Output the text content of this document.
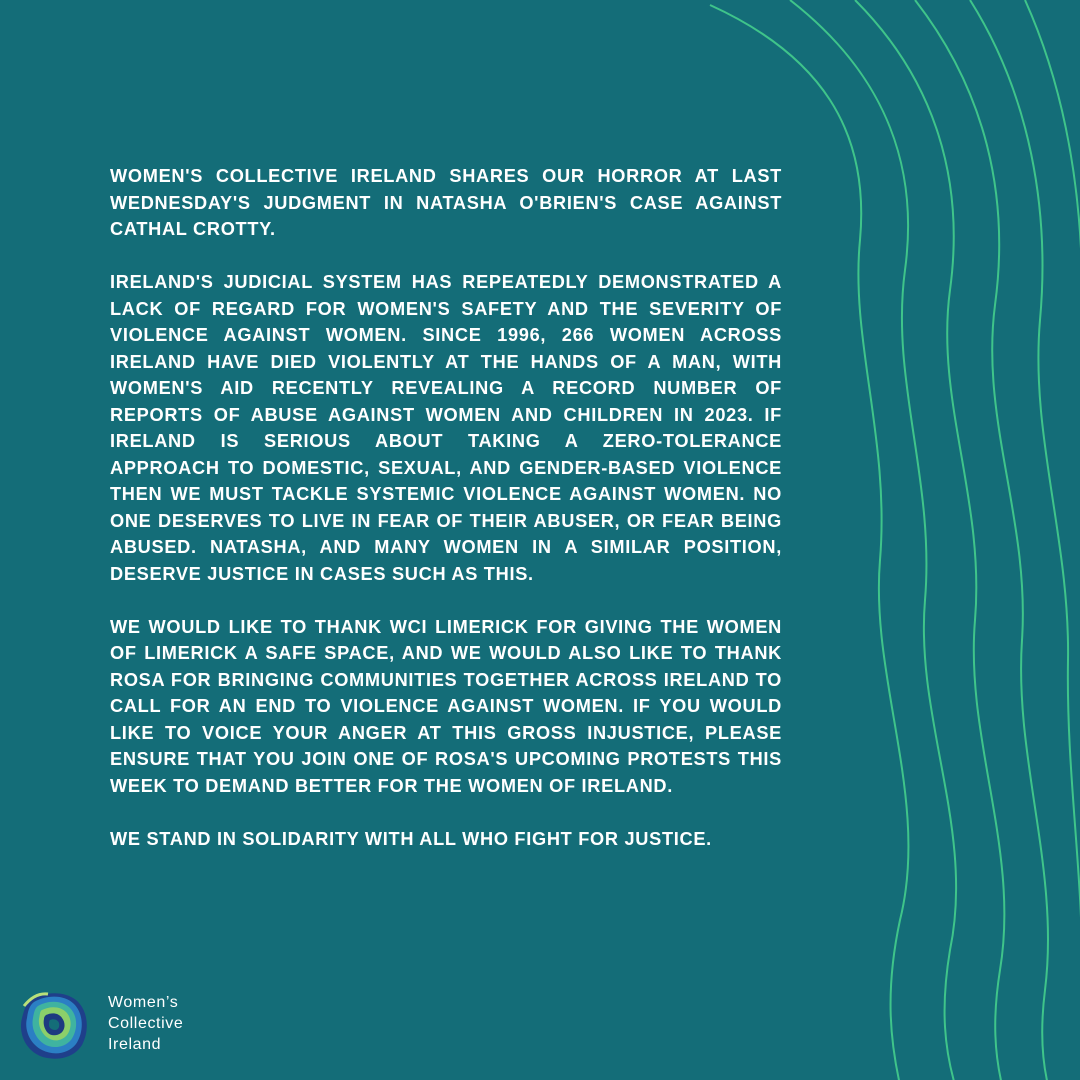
WOMEN'S COLLECTIVE IRELAND SHARES OUR HORROR AT LAST WEDNESDAY'S JUDGMENT IN NATASHA O'BRIEN'S CASE AGAINST CATHAL CROTTY.

IRELAND'S JUDICIAL SYSTEM HAS REPEATEDLY DEMONSTRATED A LACK OF REGARD FOR WOMEN'S SAFETY AND THE SEVERITY OF VIOLENCE AGAINST WOMEN. SINCE 1996, 266 WOMEN ACROSS IRELAND HAVE DIED VIOLENTLY AT THE HANDS OF A MAN, WITH WOMEN'S AID RECENTLY REVEALING A RECORD NUMBER OF REPORTS OF ABUSE AGAINST WOMEN AND CHILDREN IN 2023. IF IRELAND IS SERIOUS ABOUT TAKING A ZERO-TOLERANCE APPROACH TO DOMESTIC, SEXUAL, AND GENDER-BASED VIOLENCE THEN WE MUST TACKLE SYSTEMIC VIOLENCE AGAINST WOMEN. NO ONE DESERVES TO LIVE IN FEAR OF THEIR ABUSER, OR FEAR BEING ABUSED. NATASHA, AND MANY WOMEN IN A SIMILAR POSITION, DESERVE JUSTICE IN CASES SUCH AS THIS.

WE WOULD LIKE TO THANK WCI LIMERICK FOR GIVING THE WOMEN OF LIMERICK A SAFE SPACE, AND WE WOULD ALSO LIKE TO THANK ROSA FOR BRINGING COMMUNITIES TOGETHER ACROSS IRELAND TO CALL FOR AN END TO VIOLENCE AGAINST WOMEN. IF YOU WOULD LIKE TO VOICE YOUR ANGER AT THIS GROSS INJUSTICE, PLEASE ENSURE THAT YOU JOIN ONE OF ROSA'S UPCOMING PROTESTS THIS WEEK TO DEMAND BETTER FOR THE WOMEN OF IRELAND.

WE STAND IN SOLIDARITY WITH ALL WHO FIGHT FOR JUSTICE.

Women’s
Collective
Ireland
